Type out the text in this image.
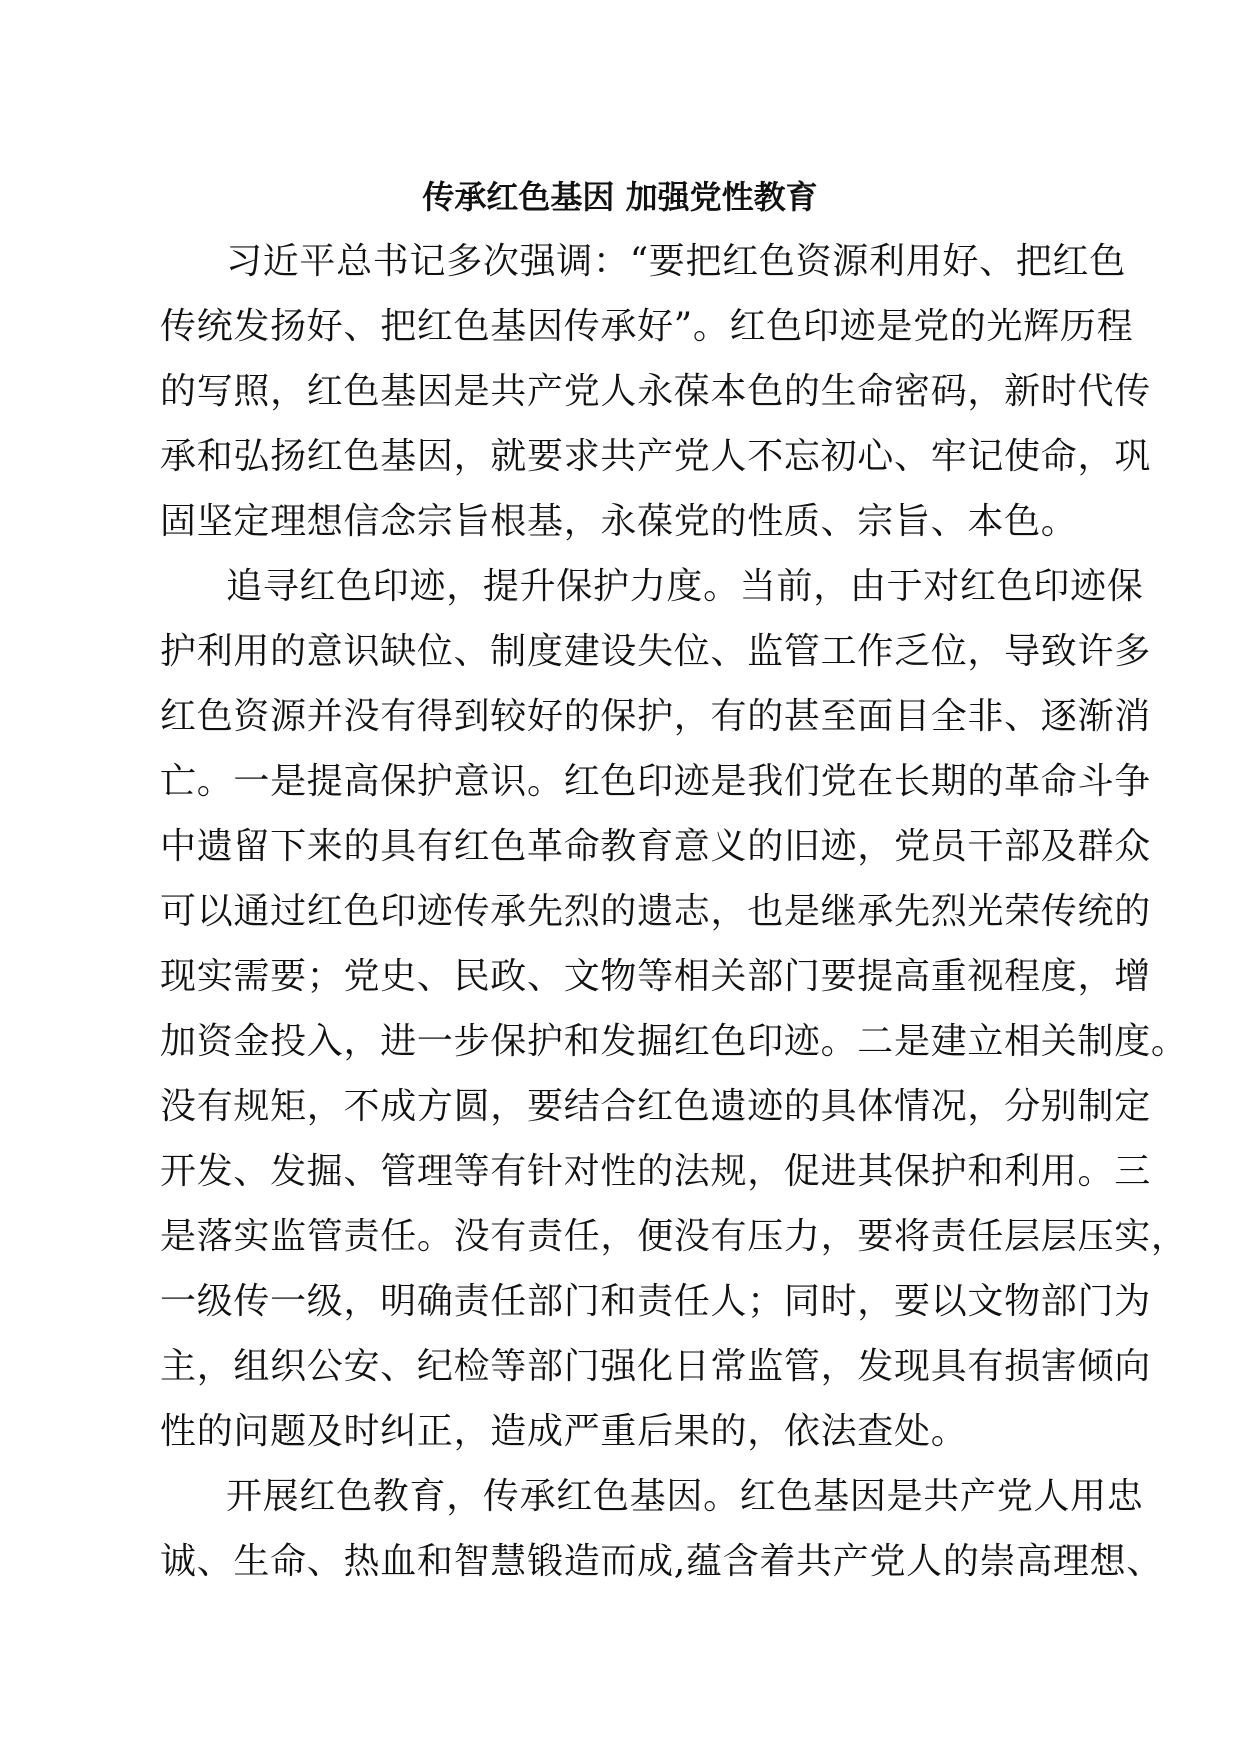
传承红色基因 加强党性教育
习近平总书记多次强调：“要把红色资源利用好、把红色
传统发扬好、把红色基因传承好”。红色印迹是党的光辉历程
的写照，红色基因是共产党人永葆本色的生命密码，新时代传
承和弘扬红色基因，就要求共产党人不忘初心、牢记使命，巩
固坚定理想信念宗旨根基，永葆党的性质、宗旨、本色。
追寻红色印迹，提升保护力度。当前，由于对红色印迹保
护利用的意识缺位、制度建设失位、监管工作乏位，导致许多
红色资源并没有得到较好的保护，有的甚至面目全非、逐渐消
亡。一是提高保护意识。红色印迹是我们党在长期的革命斗争
中遗留下来的具有红色革命教育意义的旧迹，党员干部及群众
可以通过红色印迹传承先烈的遗志，也是继承先烈光荣传统的
现实需要；党史、民政、文物等相关部门要提高重视程度，增
加资金投入，进一步保护和发掘红色印迹。二是建立相关制度。
没有规矩，不成方圆，要结合红色遗迹的具体情况，分别制定
开发、发掘、管理等有针对性的法规，促进其保护和利用。三
是落实监管责任。没有责任，便没有压力，要将责任层层压实，
一级传一级，明确责任部门和责任人；同时，要以文物部门为
主，组织公安、纪检等部门强化日常监管，发现具有损害倾向
性的问题及时纠正，造成严重后果的，依法查处。
开展红色教育，传承红色基因。红色基因是共产党人用忠
诚、生命、热血和智慧锻造而成,蕴含着共产党人的崇高理想、
